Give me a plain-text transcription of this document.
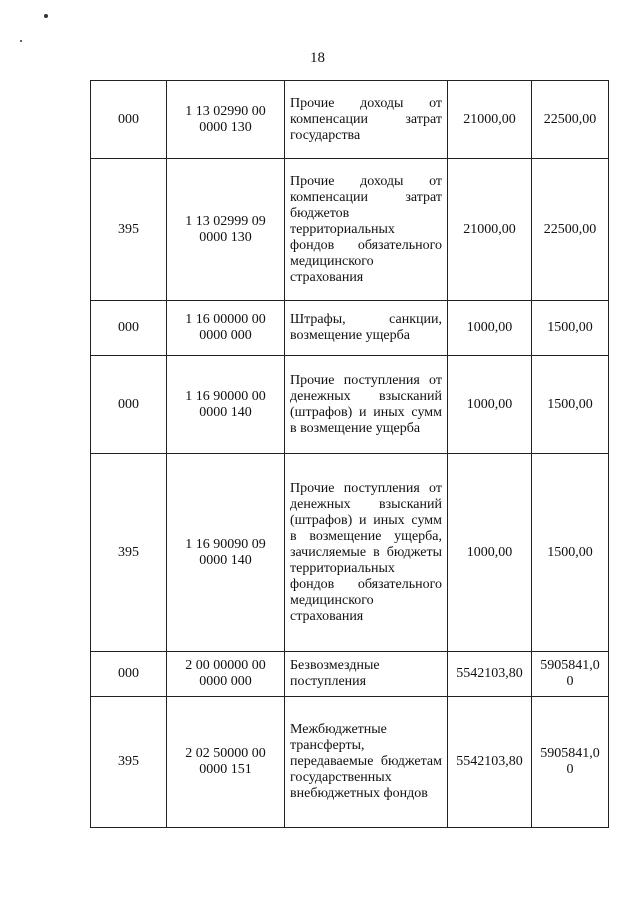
18
000	1 13 02990 00 0000 130	Прочие доходы от компенсации затрат государства	21000,00	22500,00
395	1 13 02999 09 0000 130	Прочие доходы от компенсации затрат бюджетов территориальных фондов обязательного медицинского страхования	21000,00	22500,00
000	1 16 00000 00 0000 000	Штрафы, санкции, возмещение ущерба	1000,00	1500,00
000	1 16 90000 00 0000 140	Прочие поступления от денежных взысканий (штрафов) и иных сумм в возмещение ущерба	1000,00	1500,00
395	1 16 90090 09 0000 140	Прочие поступления от денежных взысканий (штрафов) и иных сумм в возмещение ущерба, зачисляемые в бюджеты территориальных фондов обязательного медицинского страхования	1000,00	1500,00
000	2 00 00000 00 0000 000	Безвозмездные поступления	5542103,80	5905841,00
395	2 02 50000 00 0000 151	Межбюджетные трансферты, передаваемые бюджетам государственных внебюджетных фондов	5542103,80	5905841,00
